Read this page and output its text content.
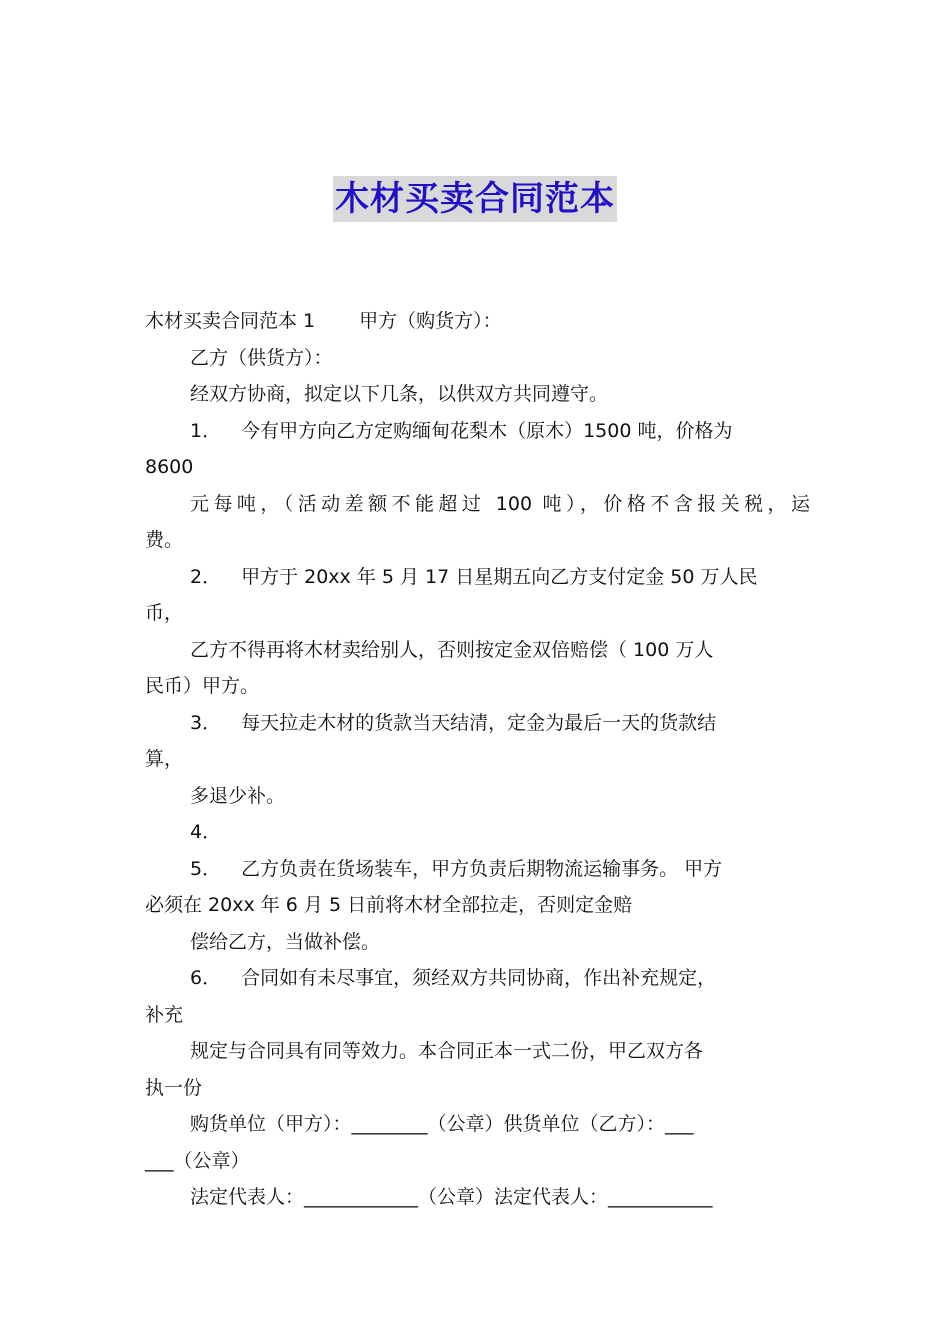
木材买卖合同范本
木材买卖合同范本 1 甲方（购货方）：
乙方（供货方）：
经双方协商，拟定以下几条，以供双方共同遵守。
1． 今有甲方向乙方定购缅甸花梨木（原木）1500 吨，价格为
8600
元每吨，（活动差额不能超过 100 吨），价格不含报关税，运
费。
2． 甲方于 20xx 年 5 月 17 日星期五向乙方支付定金 50 万人民
币，
乙方不得再将木材卖给别人，否则按定金双倍赔偿（ 100 万人
民币）甲方。
3． 每天拉走木材的货款当天结清，定金为最后一天的货款结
算，
多退少补。
4．
5． 乙方负责在货场装车，甲方负责后期物流运输事务。 甲方
必须在 20xx 年 6 月 5 日前将木材全部拉走，否则定金赔
偿给乙方，当做补偿。
6． 合同如有未尽事宜，须经双方共同协商，作出补充规定，
补充
规定与合同具有同等效力。本合同正本一式二份，甲乙双方各
执一份
购货单位（甲方）：________（公章）供货单位（乙方）：___
___（公章）
法定代表人：____________（公章）法定代表人：___________
